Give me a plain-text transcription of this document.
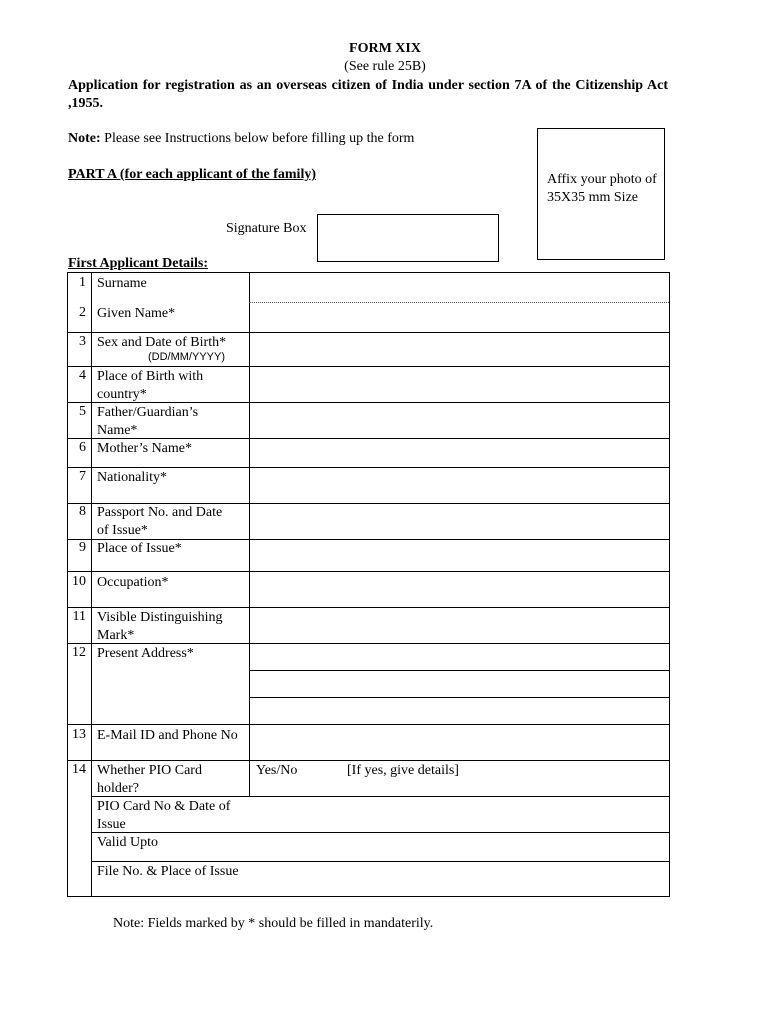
FORM XIX
(See rule 25B)
Application for registration as an overseas citizen of India under section 7A of the Citizenship Act ,1955.
Note: Please see Instructions below before filling up the form
PART A (for each applicant of the family)	Affix your photo of 35X35 mm Size
Signature Box
First Applicant Details:
1 Surname
2 Given Name*
3 Sex and Date of Birth*
(DD/MM/YYYY)
4 Place of Birth with
country*
5 Father/Guardian’s
Name*
6 Mother’s Name*
7 Nationality*
8 Passport No. and Date
of Issue*
9 Place of Issue*
10 Occupation*
11 Visible Distinguishing
Mark*
12 Present Address*
13 E-Mail ID and Phone No
14 Whether PIO Card
holder?
Yes/No	[If yes, give details]
PIO Card No & Date of
Issue
Valid Upto
File No. & Place of Issue
Note: Fields marked by * should be filled in mandaterily.
